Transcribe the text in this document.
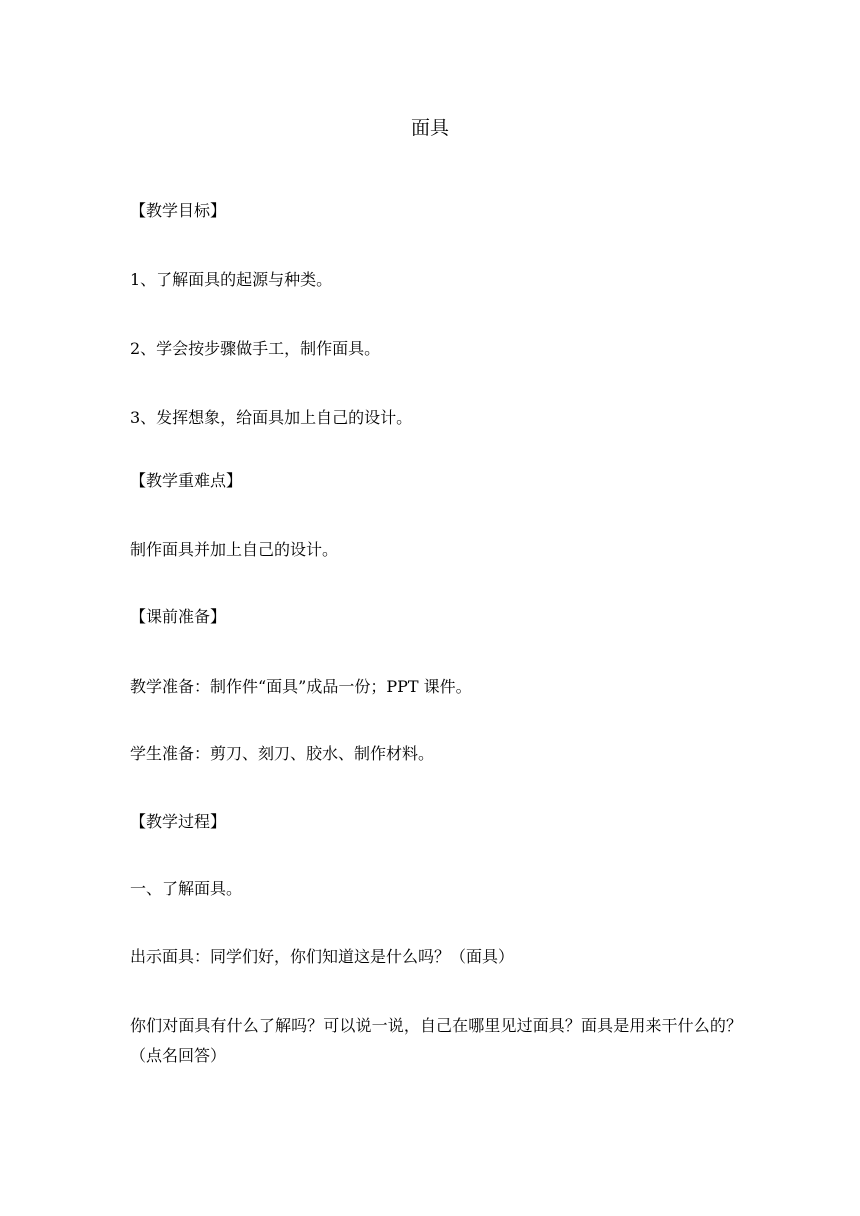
面具
【教学目标】
1、了解面具的起源与种类。
2、学会按步骤做手工，制作面具。
3、发挥想象，给面具加上自己的设计。
【教学重难点】
制作面具并加上自己的设计。
【课前准备】
教学准备：制作件“面具”成品一份；PPT 课件。
学生准备：剪刀、刻刀、胶水、制作材料。
【教学过程】
一、了解面具。
出示面具：同学们好，你们知道这是什么吗？（面具）
你们对面具有什么了解吗？可以说一说，自己在哪里见过面具？面具是用来干什么的？（点名回答）
